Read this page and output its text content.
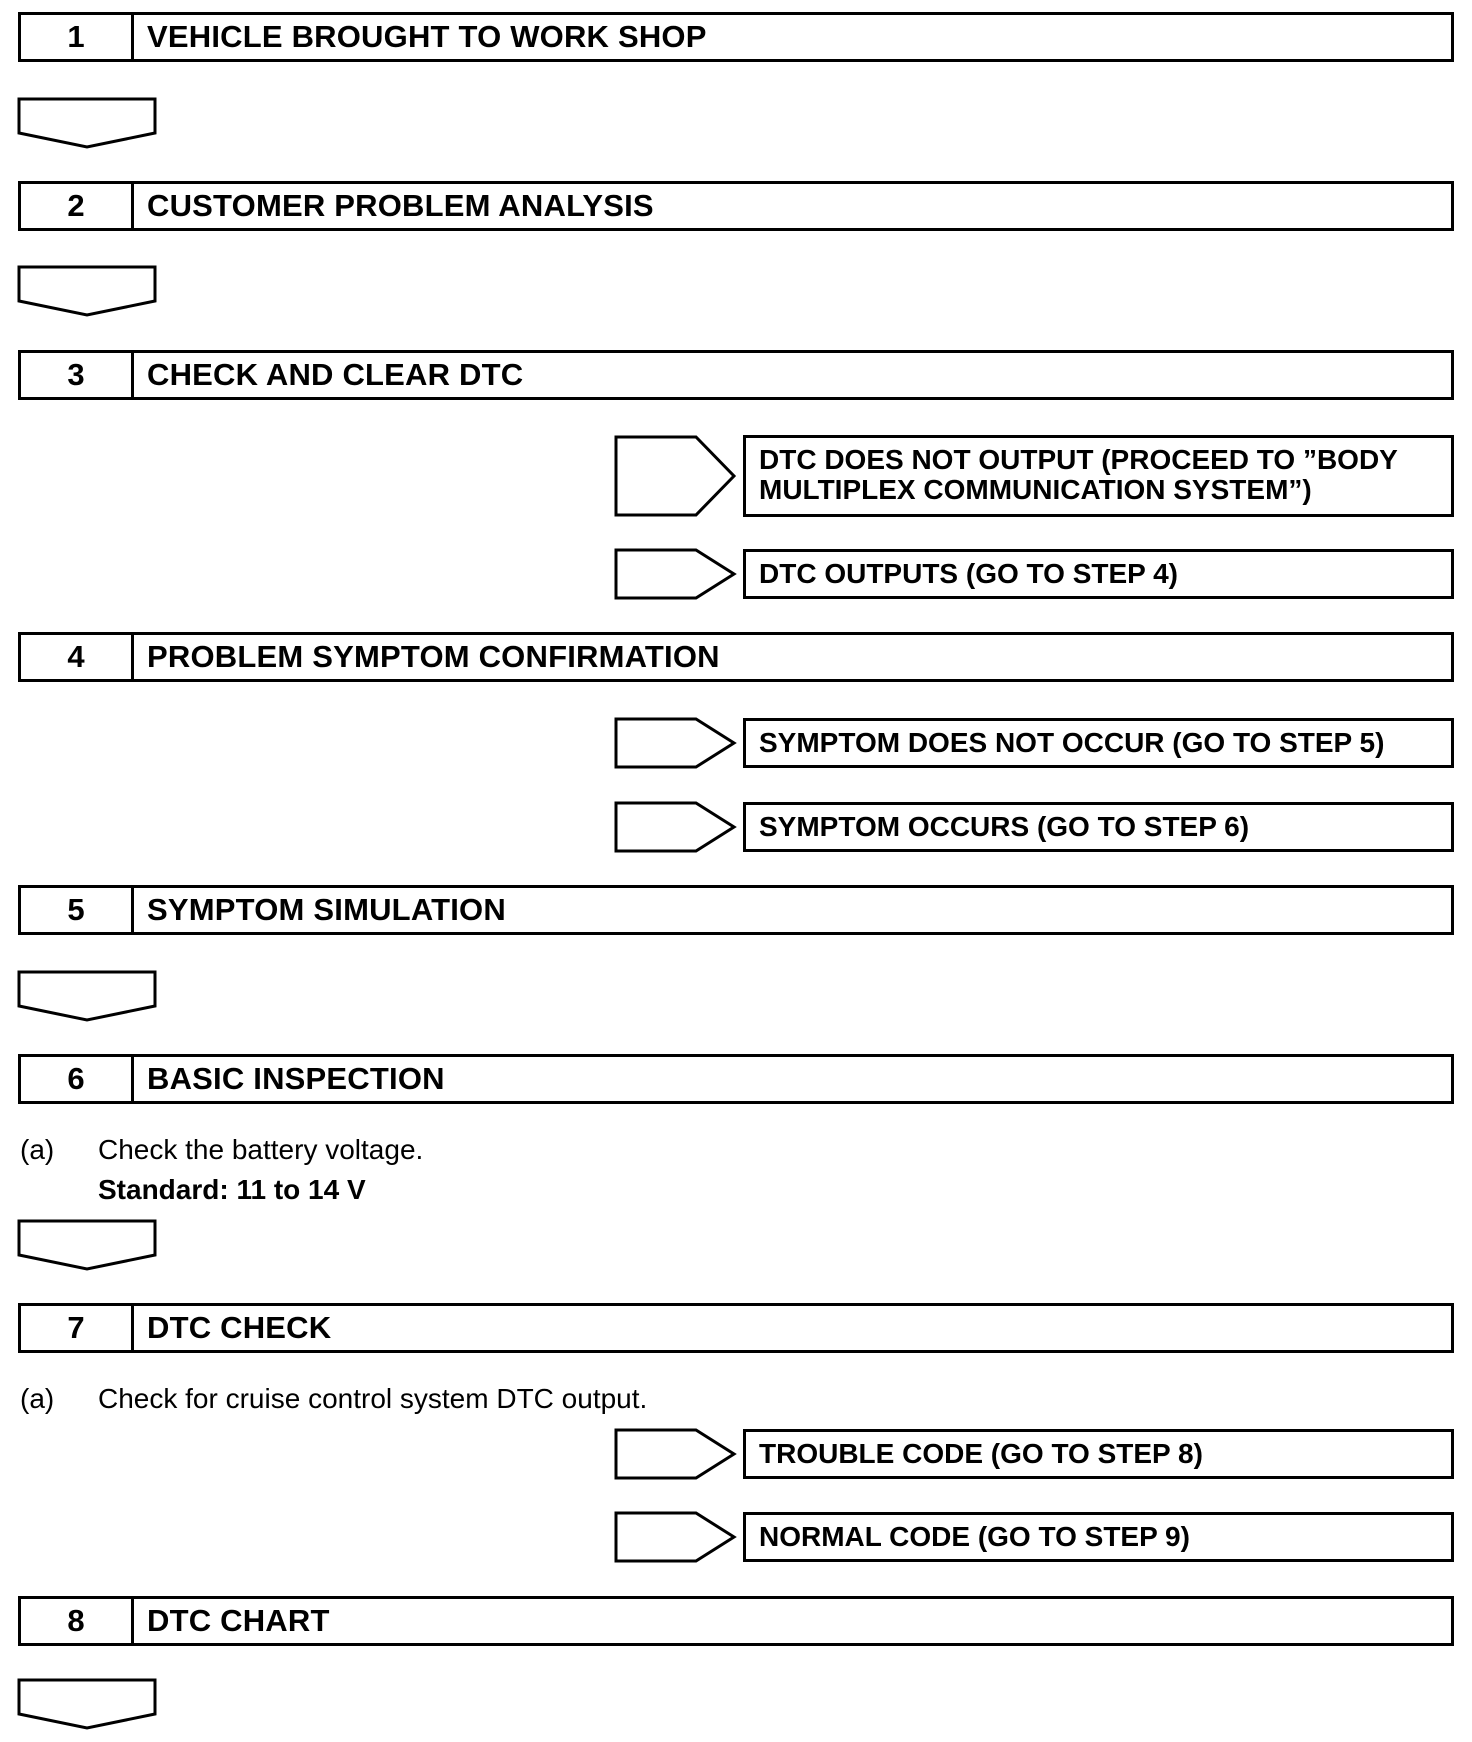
1	VEHICLE BROUGHT TO WORK SHOP
2	CUSTOMER PROBLEM ANALYSIS
3	CHECK AND CLEAR DTC
DTC DOES NOT OUTPUT (PROCEED TO ”BODY MULTIPLEX COMMUNICATION SYSTEM”)
DTC OUTPUTS (GO TO STEP 4)
4	PROBLEM SYMPTOM CONFIRMATION
SYMPTOM DOES NOT OCCUR (GO TO STEP 5)
SYMPTOM OCCURS (GO TO STEP 6)
5	SYMPTOM SIMULATION
6	BASIC INSPECTION
(a) Check the battery voltage.
Standard: 11 to 14 V
7	DTC CHECK
(a) Check for cruise control system DTC output.
TROUBLE CODE (GO TO STEP 8)
NORMAL CODE (GO TO STEP 9)
8	DTC CHART
